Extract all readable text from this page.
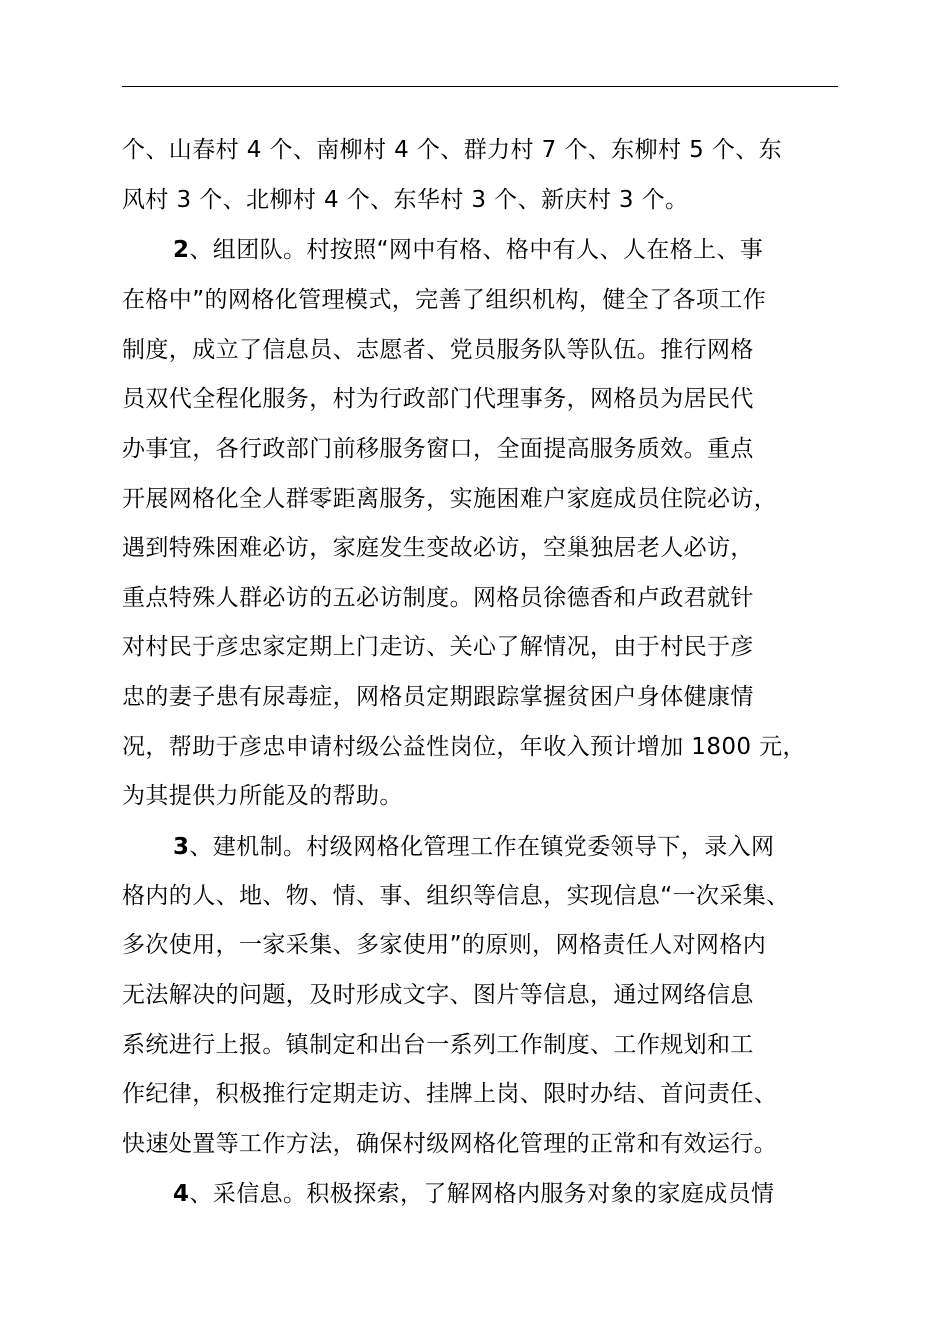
个、山春村 4 个、南柳村 4 个、群力村 7 个、东柳村 5 个、东
风村 3 个、北柳村 4 个、东华村 3 个、新庆村 3 个。
2、组团队。村按照“网中有格、格中有人、人在格上、事
在格中”的网格化管理模式，完善了组织机构，健全了各项工作
制度，成立了信息员、志愿者、党员服务队等队伍。推行网格
员双代全程化服务，村为行政部门代理事务，网格员为居民代
办事宜，各行政部门前移服务窗口，全面提高服务质效。重点
开展网格化全人群零距离服务，实施困难户家庭成员住院必访，
遇到特殊困难必访，家庭发生变故必访，空巢独居老人必访，
重点特殊人群必访的五必访制度。网格员徐德香和卢政君就针
对村民于彦忠家定期上门走访、关心了解情况，由于村民于彦
忠的妻子患有尿毒症，网格员定期跟踪掌握贫困户身体健康情
况，帮助于彦忠申请村级公益性岗位，年收入预计增加 1800 元，
为其提供力所能及的帮助。
3、建机制。村级网格化管理工作在镇党委领导下，录入网
格内的人、地、物、情、事、组织等信息，实现信息“一次采集、
多次使用，一家采集、多家使用”的原则，网格责任人对网格内
无法解决的问题，及时形成文字、图片等信息，通过网络信息
系统进行上报。镇制定和出台一系列工作制度、工作规划和工
作纪律，积极推行定期走访、挂牌上岗、限时办结、首问责任、
快速处置等工作方法，确保村级网格化管理的正常和有效运行。
4、采信息。积极探索，了解网格内服务对象的家庭成员情
